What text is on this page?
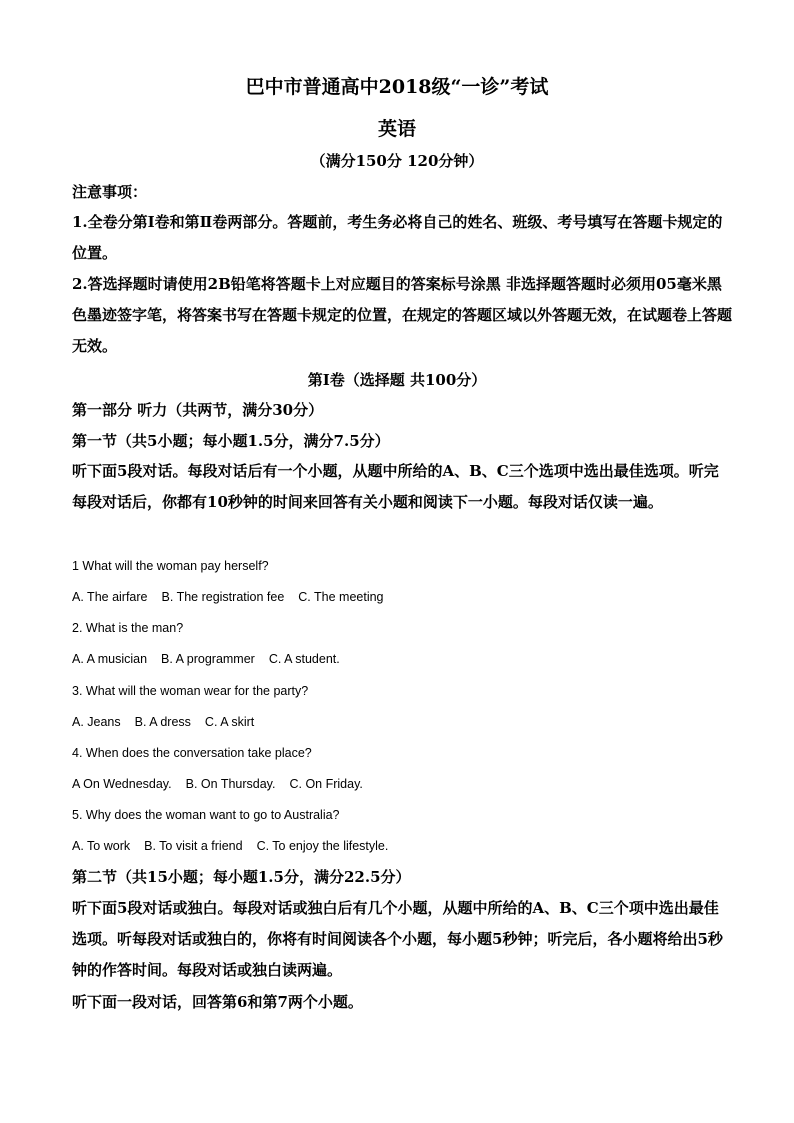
巴中市普通高中2018级“一诊”考试
英语
（满分150分 120分钟）
注意事项：
1.全卷分第Ⅰ卷和第Ⅱ卷两部分。答题前，考生务必将自己的姓名、班级、考号填写在答题卡规定的位置。
2.答选择题时请使用2B铅笔将答题卡上对应题目的答案标号涂黑 非选择题答题时必须用05毫米黑色墨迹签字笔，将答案书写在答题卡规定的位置，在规定的答题区域以外答题无效，在试题卷上答题无效。
第Ⅰ卷（选择题 共100分）
第一部分 听力（共两节，满分30分）
第一节（共5小题；每小题1.5分，满分7.5分）
听下面5段对话。每段对话后有一个小题，从题中所给的A、B、C三个选项中选出最佳选项。听完每段对话后，你都有10秒钟的时间来回答有关小题和阅读下一小题。每段对话仅读一遍。
1 What will the woman pay herself?
A. The airfare B. The registration fee C. The meeting
2. What is the man?
A. A musician B. A programmer C. A student.
3. What will the woman wear for the party?
A. Jeans B. A dress C. A skirt
4. When does the conversation take place?
A On Wednesday. B. On Thursday. C. On Friday.
5. Why does the woman want to go to Australia?
A. To work B. To visit a friend C. To enjoy the lifestyle.
第二节（共15小题；每小题1.5分，满分22.5分）
听下面5段对话或独白。每段对话或独白后有几个小题，从题中所给的A、B、C三个项中选出最佳选项。听每段对话或独白的，你将有时间阅读各个小题，每小题5秒钟；听完后，各小题将给出5秒钟的作答时间。每段对话或独白读两遍。
听下面一段对话，回答第6和第7两个小题。
